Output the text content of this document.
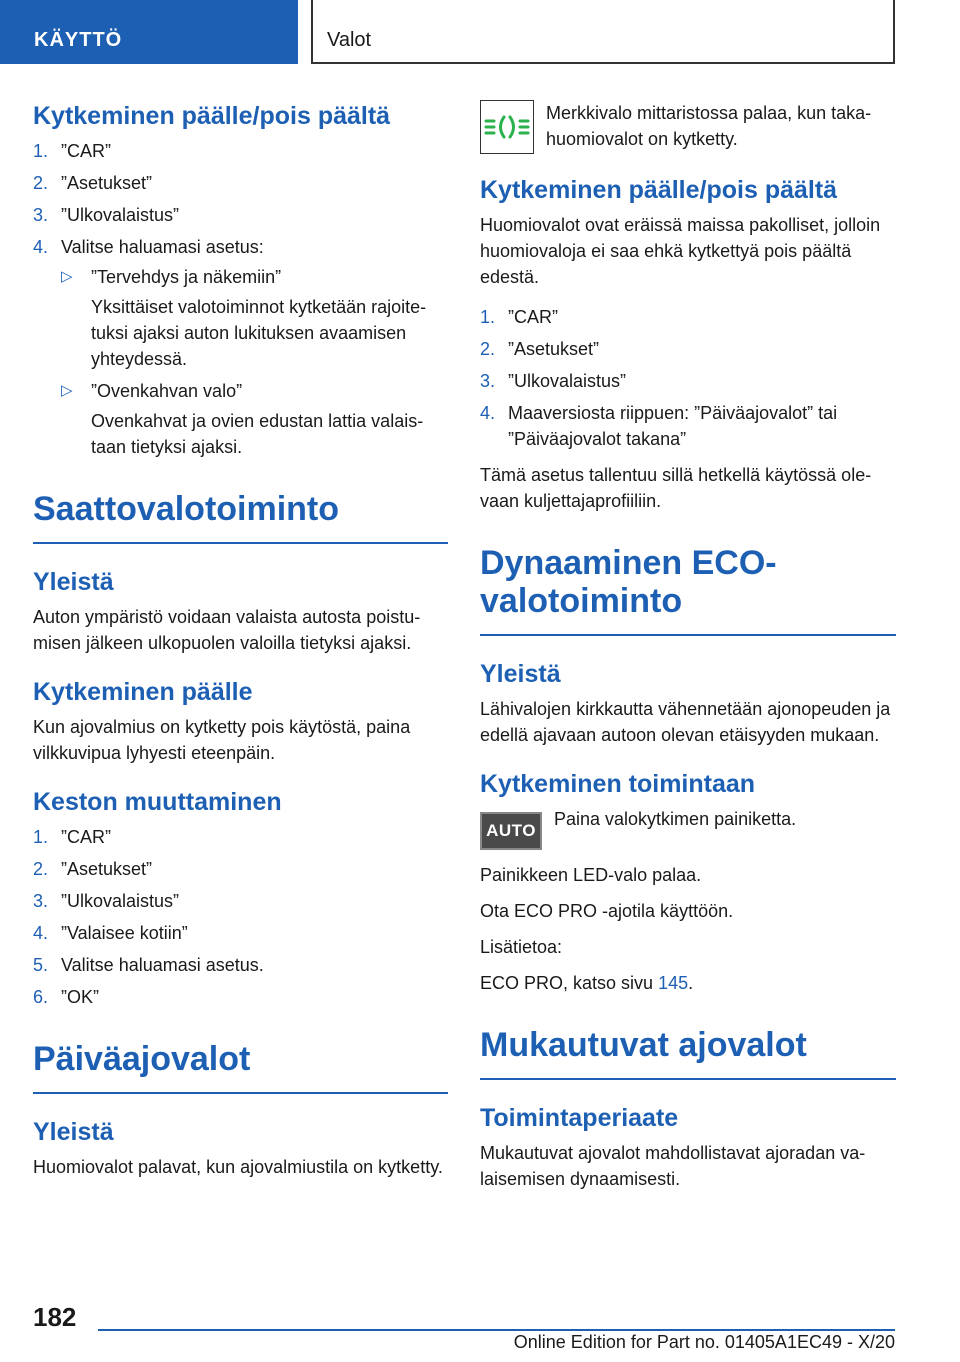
KÄYTTÖ	Valot
Kytkeminen päälle/pois päältä
1. ”CAR”
2. ”Asetukset”
3. ”Ulkovalaistus”
4. Valitse haluamasi asetus:
▷ ”Tervehdys ja näkemiin”
Yksittäiset valotoiminnot kytketään rajoitetuksi ajaksi auton lukituksen avaamisen yhteydessä.
▷ ”Ovenkahvan valo”
Ovenkahvat ja ovien edustan lattia valaistaan tietyksi ajaksi.
Saattovalotoiminto
Yleistä

Auton ympäristö voidaan valaista autosta poistumisen jälkeen ulkopuolen valoilla tietyksi ajaksi.

Kytkeminen päälle

Kun ajovalmius on kytketty pois käytöstä, paina vilkkuvipua lyhyesti eteenpäin.

Keston muuttaminen
1. ”CAR”
2. ”Asetukset”
3. ”Ulkovalaistus”
4. ”Valaisee kotiin”
5. Valitse haluamasi asetus.
6. ”OK”
Päiväajovalot
Yleistä

Huomiovalot palavat, kun ajovalmiustila on kytketty.

Merkkivalo mittaristossa palaa, kun takahuomiovalot on kytketty.

Kytkeminen päälle/pois päältä

Huomiovalot ovat eräissä maissa pakolliset, jolloin huomiovaloja ei saa ehkä kytkettyä pois päältä edestä.

1. ”CAR”
2. ”Asetukset”
3. ”Ulkovalaistus”
4. Maaversiosta riippuen: ”Päiväajovalot” tai ”Päiväajovalot takana”

Tämä asetus tallentuu sillä hetkellä käytössä olevaan kuljettajaprofiiliin.

Dynaaminen ECO-
valotoiminto
Yleistä

Lähivalojen kirkkautta vähennetään ajonopeuden ja edellä ajavaan autoon olevan etäisyyden mukaan.

Kytkeminen toimintaan
AUTO

Paina valokytkimen painiketta.

Painikkeen LED-valo palaa.

Ota ECO PRO -ajotila käyttöön.

Lisätietoa:

ECO PRO, katso sivu 145.

Mukautuvat ajovalot
Toimintaperiaate

Mukautuvat ajovalot mahdollistavat ajoradan valaisemisen dynaamisesti.

182
Online Edition for Part no. 01405A1EC49 - X/20
